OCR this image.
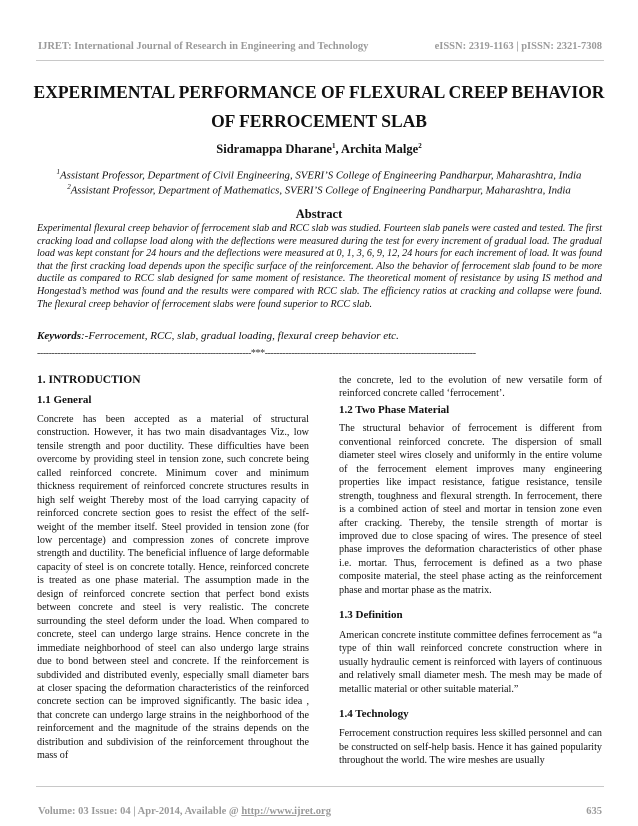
IJRET: International Journal of Research in Engineering and Technology	eISSN: 2319-1163 | pISSN: 2321-7308
EXPERIMENTAL PERFORMANCE OF FLEXURAL CREEP BEHAVIOR
OF FERROCEMENT SLAB
Sidramappa Dharane$^1$, Archita Malge$^2$
$^1$Assistant Professor, Department of Civil Engineering, SVERI’S College of Engineering Pandharpur, Maharashtra, India
$^2$Assistant Professor, Department of Mathematics, SVERI’S College of Engineering Pandharpur, Maharashtra, India
Abstract
Experimental flexural creep behavior of ferrocement slab and RCC slab was studied. Fourteen slab panels were casted and tested. The first cracking load and collapse load along with the deflections were measured during the test for every increment of gradual load. The gradual load was kept constant for 24 hours and the deflections were measured at 0, 1, 3, 6, 9, 12, 24 hours for each increment of load. It was found that the first cracking load depends upon the specific surface of the reinforcement. Also the behavior of ferrocement slab found to be more ductile as compared to RCC slab designed for same moment of resistance. The theoretical moment of resistance by using IS method and Hongestad’s method was found and the results were compared with RCC slab. The efficiency ratios at cracking and collapse were found. The flexural creep behavior of ferrocement slabs were found superior to RCC slab.
Keywords:-Ferrocement, RCC, slab, gradual loading, flexural creep behavior etc.
-------------------------------------------------------------------------***------------------------------------------------------------------------

1. INTRODUCTION

1.1 General

Concrete has been accepted as a material of structural construction. However, it has two main disadvantages Viz., low tensile strength and poor ductility. These difficulties have been overcome by providing steel in tension zone, such concrete being called reinforced concrete. Minimum cover and minimum thickness requirement of reinforced concrete structures results in high self weight Thereby most of the load carrying capacity of reinforced concrete section goes to resist the effect of the self-weight of the member itself. Steel provided in tension zone (for low percentage) and compression zones of concrete improve strength and ductility. The beneficial influence of large deformable capacity of steel is on concrete totally. Hence, reinforced concrete is treated as one phase material. The assumption made in the design of reinforced concrete section that perfect bond exists between concrete and steel is very realistic. The concrete surrounding the steel deform under the load. When compared to concrete, steel can undergo large strains. Hence concrete in the immediate neighborhood of steel can also undergo large strains due to bond between steel and concrete. If the reinforcement is subdivided and distributed evenly, especially small diameter bars at closer spacing the deformation characteristics of the reinforced concrete section can be improved significantly. The basic idea , that concrete can undergo large strains in the neighborhood of the reinforcement and the magnitude of the strains depends on the distribution and subdivision of the reinforcement throughout the mass of

the concrete, led to the evolution of new versatile form of reinforced concrete called ‘ferrocement’.

1.2 Two Phase Material

The structural behavior of ferrocement is different from conventional reinforced concrete. The dispersion of small diameter steel wires closely and uniformly in the entire volume of the ferrocement element improves many engineering properties like impact resistance, fatigue resistance, tensile strength, toughness and flexural strength. In ferrocement, there is a combined action of steel and mortar in tension zone even after cracking. Thereby, the tensile strength of mortar is improved due to close spacing of wires. The presence of steel phase improves the deformation characteristics of other phase i.e. mortar. Thus, ferrocement is defined as a two phase composite material, the steel phase acting as the reinforcement phase and mortar phase as the matrix.

1.3 Definition

American concrete institute committee defines ferrocement as “a type of thin wall reinforced concrete construction where in usually hydraulic cement is reinforced with layers of continuous and relatively small diameter mesh. The mesh may be made of metallic material or other suitable material.”

1.4 Technology

Ferrocement construction requires less skilled personnel and can be constructed on self-help basis. Hence it has gained popularity throughout the world. The wire meshes are usually

Volume: 03 Issue: 04 | Apr-2014, Available @ http://www.ijret.org	635
